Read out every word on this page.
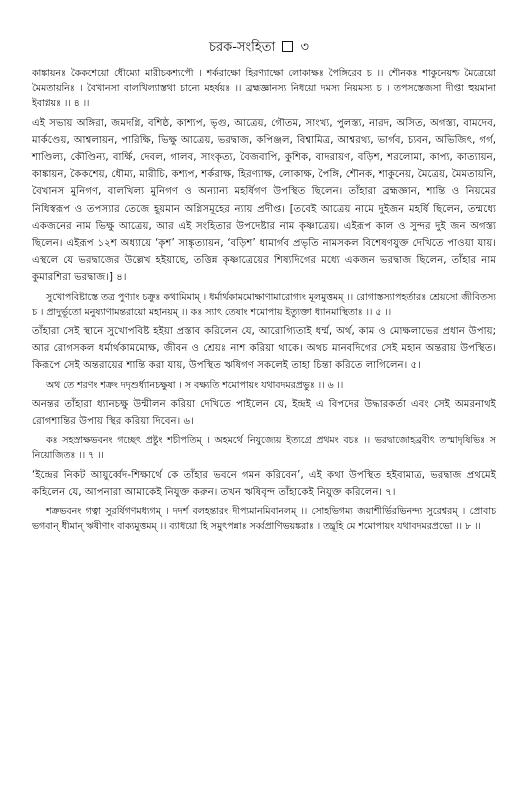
চরক-সংহিতা ৩

কাঙ্কায়নঃ কৈকশেয়ো ধৌম্যো মারীচকশ্যপৌ । শর্করাক্ষো হিরণ্যাক্ষো লোকাক্ষঃ পৈঙ্গিরেব চ ।। শৌনকঃ শাকুনেয়শ্চ মৈত্রেয়ো মৈমতায়নিঃ । বৈখানসা বালখিল্যাস্তথা চান্যে মহর্ষয়ঃ ।। ব্রহ্মজ্ঞানস্য নিধয়ো দমস্য নিয়মস্য চ । তপসস্তেজসা দীপ্তা হুয়মানা ইবাগ্নয়ঃ ।। ৪ ।।

এই সভায় অঙ্গিরা, জমদগ্নি, বশিষ্ঠ, কাশ্যপ, ভৃগু, আত্রেয়, গৌতম, সাংখ্য, পুলস্ত্য, নারদ, অসিত, অগস্ত্য, বামদেব, মার্কণ্ডেয়, আশ্বলায়ন, পারিক্ষি, ভিক্ষু আত্রেয়, ভরদ্বাজ, কপিঞ্জল, বিশ্বামিত্র, আশ্বরথ্য, ভার্গব, চ্যবন, অভিজিৎ, গর্গ, শাণ্ডিল্য, কৌণ্ডিন্য, বার্ক্ষি, দেবল, গালব, সাংকৃত্য, বৈজবাপি, কুশিক, বাদরায়ণ, বড়িশ, শরলোমা, কাপ্য, কাত্যায়ন, কাঙ্কায়ন, কৈকশেয়, ধৌম্য, মারীচি, কশ্যপ, শর্করাক্ষ, হিরণ্যাক্ষ, লোকাক্ষ, পৈঙ্গি, শৌনক, শাকুনেয়, মৈত্রেয়, মৈমতায়নি, বৈখানস মুনিগণ, বালখিল্য মুনিগণ ও অন্যান্য মহর্ষিগণ উপস্থিত ছিলেন। তাঁহারা ব্রহ্মজ্ঞান, শান্তি ও নিয়মের নিধিস্বরূপ ও তপস্যার তেজে হূয়মান অগ্নিসমূহের ন্যায় প্রদীপ্ত। [তবেই আত্রেয় নামে দুইজন মহর্ষি ছিলেন, তন্মধ্যে একজনের নাম ভিক্ষু আত্রেয়, আর এই সংহিতার উপদেষ্টার নাম কৃষ্ণাত্রেয়। এইরূপ কাল ও সুন্দর দুই জন অগস্ত্য ছিলেন। এইরূপ ১২শ অধ্যায়ে ‘কৃশ’ সাঙ্কৃত্যায়ন, ‘বড়িশ’ ধামার্গব প্রভৃতি নামসকল বিশেষণযুক্ত দেখিতে পাওয়া যায়। এস্থলে যে ভরদ্বাজের উল্লেখ হইয়াছে, তত্তিন্ন কৃষ্ণাত্রেয়ের শিষ্যদিগের মধ্যে একজন ভরদ্বাজ ছিলেন, তাঁহার নাম কুমারশিরা ভরদ্বাজ।] ৪।

সুখোপবিষ্টাস্তে তত্র পুণ্যাং চক্রুঃ কথামিমাম্ । ধর্মার্থকামমোক্ষাণামারোগ্যং মূলমুত্তমম্ ।। রোগাস্তস্যাপহর্তারঃ শ্রেয়সো জীবিতস্য চ । প্রাদুর্ভূতো মনুষ্যাণামন্তরায়ো মহানয়ম্ ।। কঃ স্যাৎ তেষাং শমোপায় ইত্যুক্তা ধ্যানমাস্থিতাঃ ।। ৫ ।।

তাঁহারা সেই স্থানে সুখোপবিষ্ট হইয়া প্রস্তাব করিলেন যে, আরোগ্যিতাই ধর্ম্ম, অর্থ, কাম ও মোক্ষলাভের প্রধান উপায়; আর রোগসকল ধর্মার্থকামমোক্ষ, জীবন ও শ্রেয়ঃ নাশ করিয়া থাকে। অথচ মানবদিগের সেই মহান অন্তরায় উপস্থিত। কিরূপে সেই অন্তরায়ের শান্তি করা যায়, উপস্থিত ঋষিগণ সকলেই তাহা চিন্তা করিতে লাগিলেন। ৫।

অথ তে শরণং শক্রং দদৃশুর্ধ্যানচক্ষুষা । স বক্ষ্যতি শমোপায়ং যথাবদমরপ্রভুঃ ।। ৬ ।।

অনন্তর তাঁহারা ধ্যানচক্ষু উন্মীলন করিয়া দেখিতে পাইলেন যে, ইন্দ্রই এ বিপদের উদ্ধারকর্তা এবং সেই অমরনাথই রোগশান্তির উপায় স্থির করিয়া দিবেন। ৬।

কঃ সহস্রাক্ষভবনং গচ্ছেৎ প্রষ্টুং শচীপতিম্ । অহমর্থে নিযুজ্যেয় ইত্যগ্রে প্রথমং বচঃ ।। ভরদ্বাজোহব্রবীৎ তস্মাদৃষিভিঃ স নিয়োজিতঃ ।। ৭ ।।

‘ইন্দ্রের নিকট আয়ুর্ব্বেদ-শিক্ষার্থে কে তাঁহার ভবনে গমন করিবেন’, এই কথা উপস্থিত হইবামাত্র, ভরদ্বাজ প্রথমেই কহিলেন যে, আপনারা আমাকেই নিযুক্ত করুন। তখন ঋষিবৃন্দ তাঁহাকেই নিযুক্ত করিলেন। ৭।

শক্রভবনং গত্বা সুরর্ষিগণমধ্যগম্ । দদর্শ বলহন্তারং দীপ্যমানমিবানলম্ ।। সোহভিগম্য জয়াশীর্ভিরভিনন্দ্য সুরেশ্বরম্ । প্রোবাচ ভগবান্ ধীমান্ ঋষীণাং বাক্যমুত্তমম্ ।। ব্যাধয়ো হি সমুৎপন্নাঃ সর্ব্বপ্রাণিভয়ঙ্করাঃ । তদ্ব্রূহি মে শমোপায়ং যথাবদমরপ্রভো ।। ৮ ।।
